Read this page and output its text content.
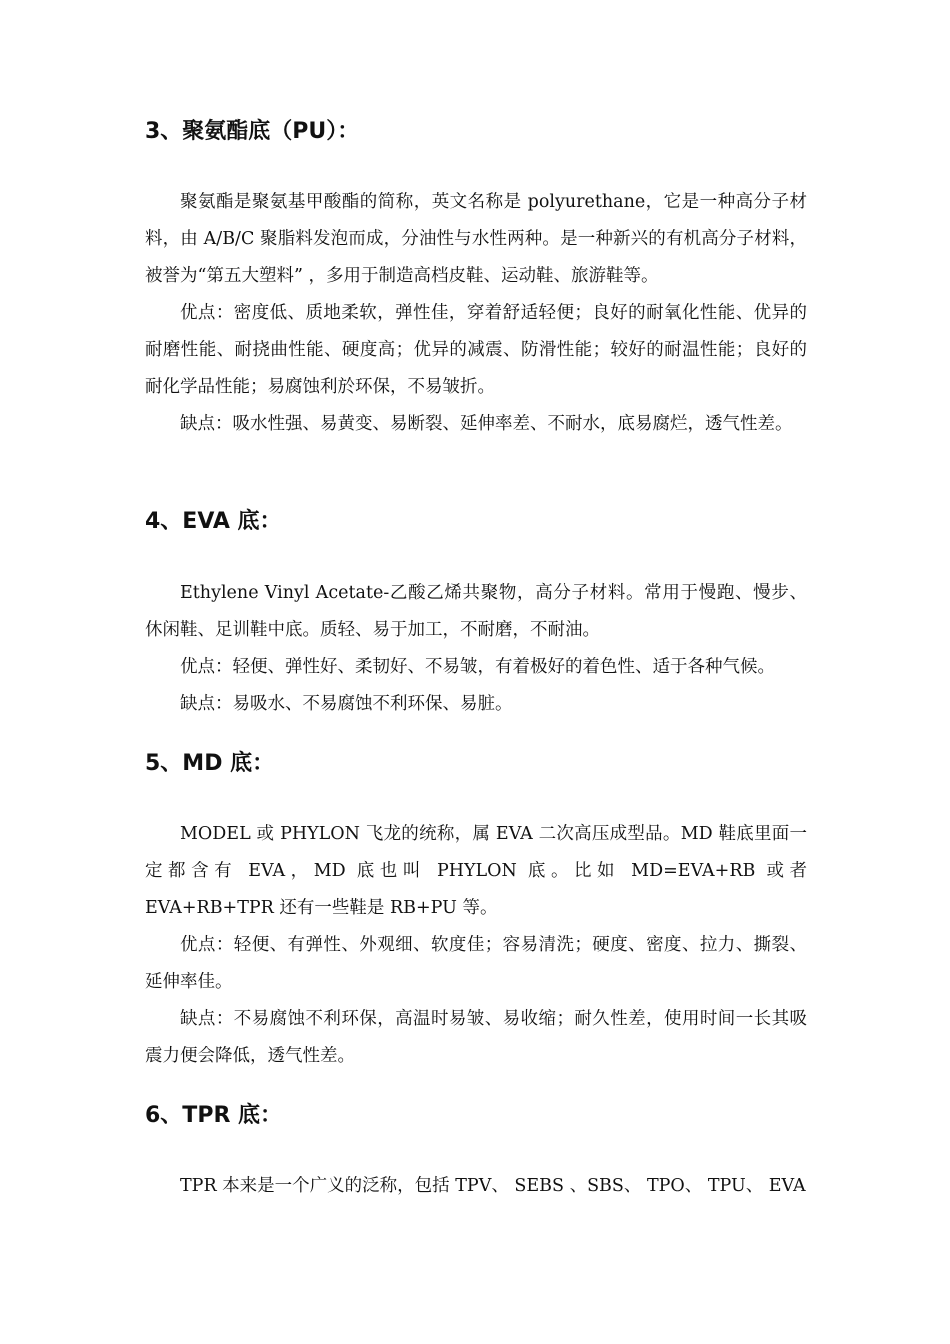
3、聚氨酯底（PU）：

聚氨酯是聚氨基甲酸酯的简称，英文名称是 polyurethane，它是一种高分子材料，由 A/B/C 聚脂料发泡而成，分油性与水性两种。是一种新兴的有机高分子材料，被誉为“第五大塑料” ，多用于制造高档皮鞋、运动鞋、旅游鞋等。

优点：密度低、质地柔软，弹性佳，穿着舒适轻便；良好的耐氧化性能、优异的耐磨性能、耐挠曲性能、硬度高；优异的减震、防滑性能；较好的耐温性能；良好的耐化学品性能；易腐蚀利於环保，不易皱折。

缺点：吸水性强、易黄变、易断裂、延伸率差、不耐水，底易腐烂，透气性差。

4、EVA 底：

Ethylene Vinyl Acetate-乙酸乙烯共聚物，高分子材料。常用于慢跑、慢步、休闲鞋、足训鞋中底。质轻、易于加工，不耐磨，不耐油。

优点：轻便、弹性好、柔韧好、不易皱，有着极好的着色性、适于各种气候。

缺点：易吸水、不易腐蚀不利环保、易脏。

5、MD 底：

MODEL 或 PHYLON 飞龙的统称，属 EVA 二次高压成型品。MD 鞋底里面一定都含有 EVA，MD 底也叫 PHYLON 底。比如 MD=EVA+RB 或者 EVA+RB+TPR 还有一些鞋是 RB+PU 等。

优点：轻便、有弹性、外观细、软度佳；容易清洗；硬度、密度、拉力、撕裂、延伸率佳。

缺点：不易腐蚀不利环保，高温时易皱、易收缩；耐久性差，使用时间一长其吸震力便会降低，透气性差。

6、TPR 底：

TPR 本来是一个广义的泛称，包括 TPV、 SEBS 、SBS、 TPO、 TPU、 EVA
